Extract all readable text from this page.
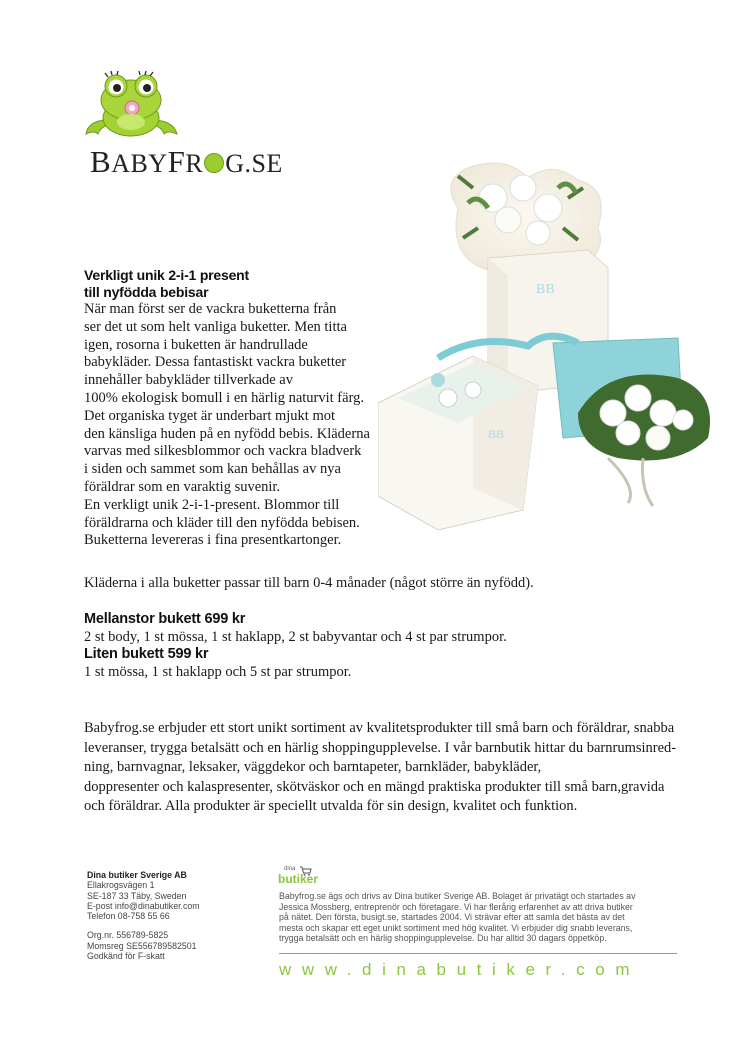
BABYFR G.SE
BB
BB
Verkligt unik 2-i-1 present
till nyfödda bebisar
När man först ser de vackra buketterna från
ser det ut som helt vanliga buketter. Men titta
igen, rosorna i buketten är handrullade
babykläder. Dessa fantastiskt vackra buketter
innehåller babykläder tillverkade av
100% ekologisk bomull i en härlig naturvit färg.
Det organiska tyget är underbart mjukt mot
den känsliga huden på en nyfödd bebis. Kläderna
varvas med silkesblommor och vackra bladverk
i siden och sammet som kan behållas av nya
föräldrar som en varaktig suvenir.
En verkligt unik 2-i-1-present. Blommor till
föräldrarna och kläder till den nyfödda bebisen.
Buketterna levereras i fina presentkartonger.
Kläderna i alla buketter passar till barn 0-4 månader (något större än nyfödd).
Mellanstor bukett 699 kr
2 st body, 1 st mössa, 1 st haklapp, 2 st babyvantar och 4 st par strumpor.
Liten bukett 599 kr
1 st mössa, 1 st haklapp och 5 st par strumpor.
Babyfrog.se erbjuder ett stort unikt sortiment av kvalitetsprodukter till små barn och föräldrar, snabba
leveranser, trygga betalsätt och en härlig shoppingupplevelse. I vår barnbutik hittar du barnrumsinred-
ning, barnvagnar, leksaker, väggdekor och barntapeter, barnkläder, babykläder,
doppresenter och kalaspresenter, skötväskor och en mängd praktiska produkter till små barn,gravida
och föräldrar. Alla produkter är speciellt utvalda för sin design, kvalitet och funktion.
Dina butiker Sverige AB
Ellakrogsvägen 1
SE-187 33 Täby, Sweden
E-post info@dinabutiker.com
Telefon 08-758 55 66
Org.nr. 556789-5825
Momsreg SE556789582501
Godkänd för F-skatt
dina
butiker
Babyfrog.se ägs och drivs av Dina butiker Sverige AB. Bolaget är privatägt och startades av
Jessica Mossberg, entreprenör och företagare. Vi har flerårig erfarenhet av att driva butiker
på nätet. Den första, busigt.se, startades 2004. Vi strävar efter att samla det bästa av det
mesta och skapar ett eget unikt sortiment med hög kvalitet. Vi erbjuder dig snabb leverans,
trygga betalsätt och en härlig shoppingupplevelse. Du har alltid 30 dagars öppetköp.
www.dinabutiker.com
